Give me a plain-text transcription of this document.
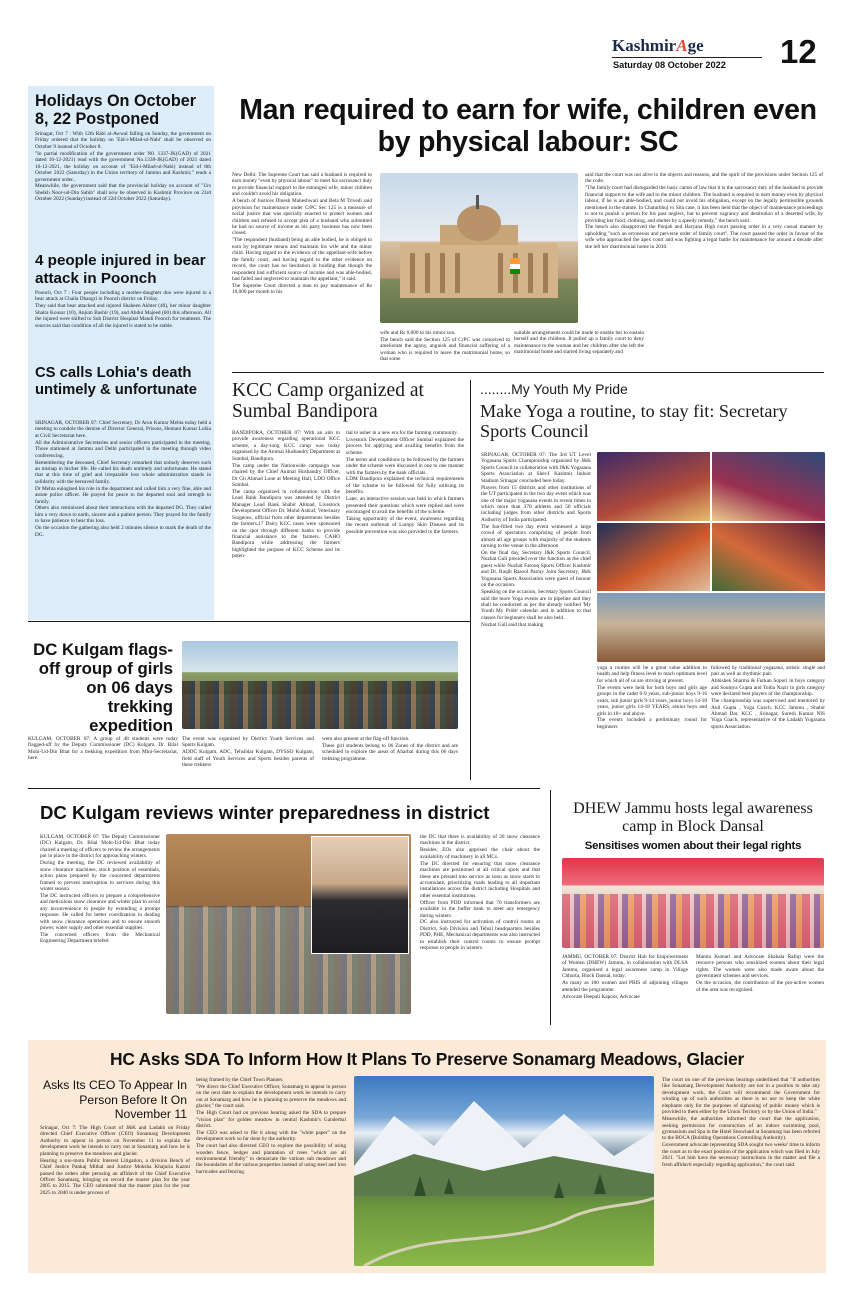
KashmirAge
Saturday 08 October 2022 12
Holidays On October 8, 22 Postponed

Srinagar, Oct 7 : With 12th Rabi al-Awwal falling on Sunday, the government on Friday ordered that the holiday on 'Eid-i-Milad-ul-Nabi' shall be observed on October 9 instead of October 8.

"In partial modification of the government order N0. 1337-JK(GAD) of 2021 dated 16-12-2021) read with the government No.1338-JK(GAD) of 2021 dated 16-12-2021, the holiday on account of "Eid-i-Milad-ul-Nabi) instead of 8th October 2022 (Saturday) in the Union territory of Jammu and Kashmir," reads a government order..

Meanwhile, the government said that the provincial holiday on account of "Urs Sheikh Noor-ud-Din Sahib" shall now be observed in Kashmir Province on 23rd October 2022 (Sunday) instead of 22d October 2022 (Saturday).

4 people injured in bear attack in Poonch

Poonch, Oct 7 : Four people including a mother-daughter duo were injured in a bear attack at Challa Dhangri in Poonch district on Friday.

They said that bear attacked and injured Shaheen Akhter (40), her minor daughter Shaira Kousar (10), Anjum Bashir (19), and Abdul Majeed (60) this afternoon. All the injured were shifted to Sub District Hospital Mandi Poonch for treatment. The sources said that condition of all the injured is stated to be stable.

CS calls Lohia's death untimely & unfortunate

SRINAGAR, OCTOBER 07: Chief Secretary, Dr Arun Kumar Mehta today held a meeting to condole the demise of Director General, Prisons, Hemant Kumar Lohia at Civil Secretariat here.

All the Administrative Secretaries and senior officers participated in the meeting. Those stationed at Jammu and Delhi participated in the meeting through video conferencing.

Remembering the deceased, Chief Secretary remarked that nobody deserves such an mishap in his/her life. He called his death untimely and unfortunate. He stated that at this time of grief and irreparable loss whole administration stands in solidarity with the bereaved family.

Dr Mehta eulogised his role in the department and called him a very fine, able and astute police officer. He prayed for peace to the departed soul and strength to family.

Others also reminisced about their interactions with the departed DG. They called him a very down to earth, sincere and a patient person. They prayed for the family to have patience to bear this loss.

On the occasion the gathering also held 2 minutes silence to mark the death of the DG.

Man required to earn for wife, children even by physical labour: SC

New Delhi: The Supreme Court has said a husband is required to earn money "even by physical labour" to meet his sacrosanct duty to provide financial support to the estranged wife, minor children and couldn't avoid his obligation.

A bench of Justices Dinesh Maheshwari and Bela M Trivedi said provision for maintenance under CrPC Sec 125 is a measure of social justice that was specially enacted to protect women and children and refused to accept plea of a husband who submitted he had no source of income as his party business has now been closed.

"The respondent (husband) being an able bodied, he is obliged to earn by legitimate means and maintain his wife and the minor child. Having regard to the evidence of the appellant-wife before the family court, and having regard to the other evidence on record, the court has no hesitation in holding that though the respondent had sufficient source of income and was able-bodied, had failed and neglected to maintain the appellant," it said.

The Supreme Court directed a man to pay maintenance of Rs 10,000 per month to his

wife and Rs 6,000 to his minor son.

The bench said the Section 125 of CrPC was conceived to ameliorate the agony, anguish and financial suffering of a woman who is required to leave the matrimonial home, so that some

suitable arrangements could be made to enable her to sustain herself and the children. It pulled up a family court to deny maintenance to the woman and her children after she left the matrimonial home and started living separately and

said that the court was not alive to the objects and reasons, and the spirit of the provisions under Section 125 of the code.

"The family court had disregarded the basic canon of law that it is the sacrosanct duty of the husband to provide financial support to the wife and to the minor children. The husband is required to earn money even by physical labour, if he is an able-bodied, and could not avoid his obligation, except on the legally permissible grounds mentioned in the statute. In Chaturbhuj vs Sita case, it has been held that the object of maintenance proceedings is not to punish a person for his past neglect, but to prevent vagrancy and destitution of a deserted wife, by providing her food, clothing, and shelter by a speedy remedy," the bench said.

The bench also disapproved the Punjab and Haryana High court passing order in a very casual manner by upholding "such an erroneous and perverse order of family court". The court passed the order in favour of the wife who approached the apex court and was fighting a legal battle for maintenance for around a decade after she left her matrimonial home in 2010.

KCC Camp organized at Sumbal Bandipora

BANDIPORA, OCTOBER 07: With an aim to provide awareness regarding operational KCC scheme, a day-long KCC camp was today organised by the Animal Husbandry Department at Sumbal, Bandipora.

The camp under the Nationwide campaign was chaired by the Chief Animal Husbandry Officer, Dr Gh Ahmad Lone at Meeting Hall, LDO Office Sumbal.

The camp organized in collaboration with the Lead Bank Bandipora was attended by District Manager Lead Bank Shabir Ahmad, Livestock Development Officer Dr. Mohd Ashraf, Veterinary Surgeons, official from other departments besides the farmers.17 Dairy KCC cases were sponsored on the spot through different banks to provide financial assistance to the farmers. CAHO Bandipora while addressing the farmers highlighted the purpose of KCC Scheme and its poten-

tial to usher in a new era for the farming community.

Livestock Development Officer Sumbal explained the process for applying and availing benefits from the scheme.

The terms and conditions to be followed by the farmers under the scheme were discussed in one to one manner with the farmers by the bank officials.

LDM Bandipora explained the technical requirements of the scheme to be followed for fully utilising its benefits.

Later, an interactive session was held in which farmers presented their questions which were replied and were encouraged to avail the benefits of the scheme.

Taking opportunity of the event, awareness regarding the recent outbreak of Lumpy Skin Disease and its possible prevention was also provided to the farmers.

........My Youth My Pride
Make Yoga a routine, to stay fit: Secretary Sports Council

SRINAGAR, OCTOBER 07: The 3rd UT Level Yogasana Sports Championship organized by J&K Sports Council in collaboration with J&K Yogasana Sports Association at Sher-I Kashmir Indoor Stadium Srinagar concluded here today.

Players from 15 districts and other institutions of the UT participated in the two day event which was one of the major yogasana events in recent times in which more than 370 athletes and 50 officials including judges from other districts and Sports Authority of India participated.

The fun-filled two day event witnessed a large crowd of spectators comprising of people from almost all age groups with majority of the students turning to the venue in the afternoon

On the final day, Secretary J&K Sports Council, Nuzhat Gull presided over the function as the chief guest while Nuzhat Farooq Sports Officer Kashmir and Dr. Raqib Rasool Parray Joint Secretary, J&K Yogasana Sports Association were guest of honour on the occasion.

Speaking on the occasion, Secretary Sports Council said the more Yoga events are in pipeline and they shall be conducted as per the already notified 'My Youth My Pride' calendar and in addition to that classes for beginners shall be also held.

Nuzhat Gull said that making

yoga a routine will be a great value addition to health and help fitness level to reach optimum level for which all of us are striving at present.

The events were held for both boys and girls age groups in the cadet 6-9 years, sub-junior boys 9-16 years, sub junior girls 9-14 years, junior boys 14-18 years, junior girls 14-18 YEARS, senior boys and girls in 18+ and above.

The events included a preliminary round for beginners

followed by traditional yogasana, artistic single and pair as well as rhythmic pair.

Abhishek Sharma & Furkan Sopori in boys category and Soumya Gupta and Toiba Nazir in girls category were declared best players of the championship.

The championship was supervised and mentored by Anil Gupta , Yoga Coach, KCC Jammu , Shabir Ahmad Dar, KCC , Srinagar, Suresh Kumar NIS Yoga Coach, representative of the Ladakh Yogasana sports Association.

DC Kulgam flags-off group of girls on 06 days trekking expedition

KULGAM, OCTOBER 07: A group of 48 students were today flagged-off by the Deputy Commissioner (DC) Kulgam, Dr. Bilal Mohi-Ud-Din Bhat for a trekking expedition from Mini-Secretariat, here.

The event was organized by District Youth Services and Sports Kulgam.

ADDC Kulgam, ADC, Tehsildar Kulgam, DYSSO Kulgam, field staff of Youth Services and Sports besides parents of these trekkers

were also present at the flag-off function.

These girl students belong to 06 Zones of the district and are scheduled to explore the areas of Aharbal during this 06 days trekking programme.

DC Kulgam reviews winter preparedness in district

KULGAM, OCTOBER 07: The Deputy Commissioner (DC) Kulgam, Dr. Bilal Mohi-Ud-Din Bhat today chaired a meeting of officers to review the arrangements put in place in the district for approaching winters.

During the meeting, the DC reviewed availability of snow clearance machines, stock position of essentials, action plans prepared by the concerned departments framed to prevent interruption to services during this winter season.

The DC instructed officers to prepare a comprehensive and meticulous snow clearance and winter plan to avoid any inconvenience to people by extending a prompt response. He called for better coordination in dealing with snow clearance operations and to ensure smooth power, water supply and other essential supplies.

The concerned officers from the Mechanical Engineering Department briefed

the DC that there is availability of 20 snow clearance machines in the district.

Besides, EOs also apprised the chair about the availability of machinery in all MCs.

The DC directed for ensuring that snow clearance machines are positioned at all critical spots and that these are pressed into service as soon as snow starts to accumulate, prioritizing roads leading to all important installations across the district including Hospitals and other essential institutions.

Officer from PDD informed that 70 transformers are available in the buffer bank to meet any emergency during winters.

DC also instructed for activation of control rooms at District, Sub Division and Tehsil headquarters besides PDD, PHE, Mechanical departments was also instructed to establish their control rooms to ensure prompt response to people in winters.

DHEW Jammu hosts legal awareness camp in Block Dansal
Sensitises women about their legal rights

JAMMU, OCTOBER 07: District Hub for Empowerment of Women (DHEW) Jammu, in collaboration with DLSA Jammu, organised a legal awareness camp in Village Chhurta, Block Dansal, today.

As many as 100 women and PRIS of adjoining villages attended the programme.

Advocate Deepali Kapoor, Advocate

Mamta Kumari and Advocate Shahala Rafiqi were the resource persons who sensitized women about their legal rights. The women were also made aware about the government schemes and services.

On the occasion, the contribution of the pro-active women of the area was recognised.

HC Asks SDA To Inform How It Plans To Preserve Sonamarg Meadows, Glacier
Asks Its CEO To Appear In Person Before It On November 11

Srinagar, Oct 7: The High Court of J&K and Ladakh on Friday directed Chief Executive Officer (CEO) Sonamarg Development Authority to appear in person on November 11 to explain the development work he intends to carry out at Sonamarg and how he is planning to preserve the meadows and glacier.

Hearing a suo-moto Public Interest Litigation, a division Bench of Chief Justice Pankaj Mithal and Justice Moksha Khajuria Kazmi passed the orders after perusing an affidavit of the Chief Executive Officer Sonamarg, bringing on record the master plan for the year 2005 to 2015. The CEO submitted that the master plan for the year 2025 to 2040 is under process of

being framed by the Chief Town Planner.

"We direct the Chief Executive Officer, Sonamarg to appear in person on the next date to explain the development work he intends to carry out at Sonamarg and how he is planning to preserve the meadows and glacier," the court said.

The High Court had on previous hearing asked the SDA to prepare "vision plan" for golden meadow in central Kashmir's Ganderbal district.

The CEO was asked to file it along with the "white paper" on the development work so far done by the authority.

The court had also directed CEO to explore the possibility of using wooden fence, hedges and plantation of trees "which are all environmental friendly" to demarcate the various sub meadows and the boundaries of the various properties instead of using steel and iron barricades and fencing.

The court on one of the previous hearings underlined that "if authorities like Sonamarg Development Authority are not in a position to take any development work, the Court will recommend the Government for winding up of such authorities as there is no use to keep the white elephants only for the purposes of siphoning of public money which is provided to them either by the Union Territory or by the Union of India."

Meanwhile, the authorities informed the court that the application, seeking permission for construction of an indoor swimming pool, gymnasium and Spa in the Hotel Snowland at Sonamarg has been referred to the BOCA (Building Operations Controlling Authority).

Government advocate representing SDA sought two weeks' time to inform the court as to the exact position of the application which was filed in July 2021. "Let him have the necessary instructions in the matter and file a fresh affidavit especially regarding application," the court said.
